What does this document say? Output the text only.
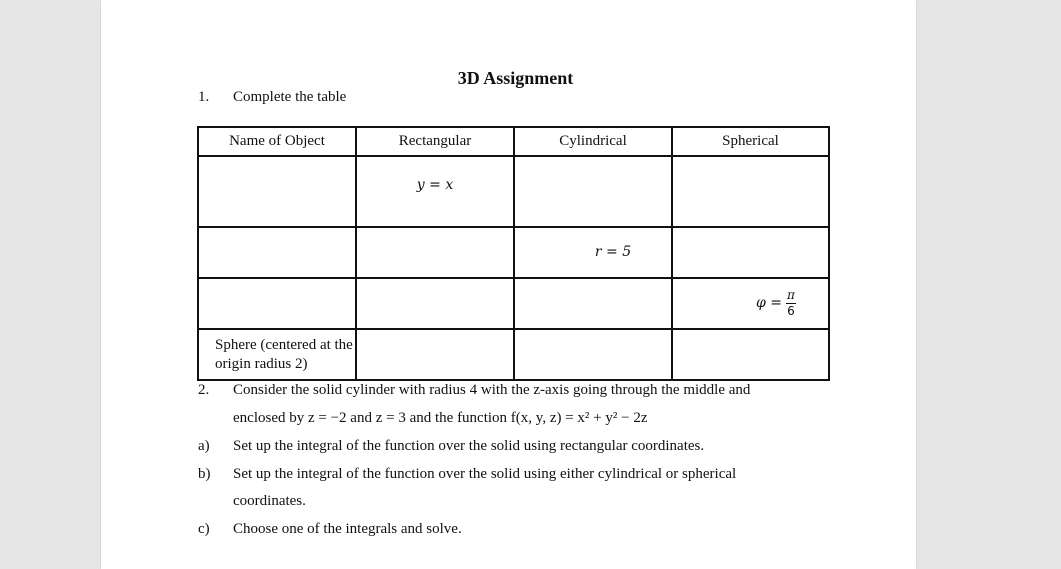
3D Assignment
1. Complete the table
Name of Object	Rectangular	Cylindrical	Spherical
	y = x		
		r = 5	
			$\varphi = \frac{\pi}{6}$

Sphere (centered at the origin radius 2)			
2. Consider the solid cylinder with radius 4 with the z-axis going through the middle and
enclosed by z = −2 and z = 3 and the function f(x, y, z) = x² + y² − 2z
a) Set up the integral of the function over the solid using rectangular coordinates.
b) Set up the integral of the function over the solid using either cylindrical or spherical
coordinates.
c) Choose one of the integrals and solve.
